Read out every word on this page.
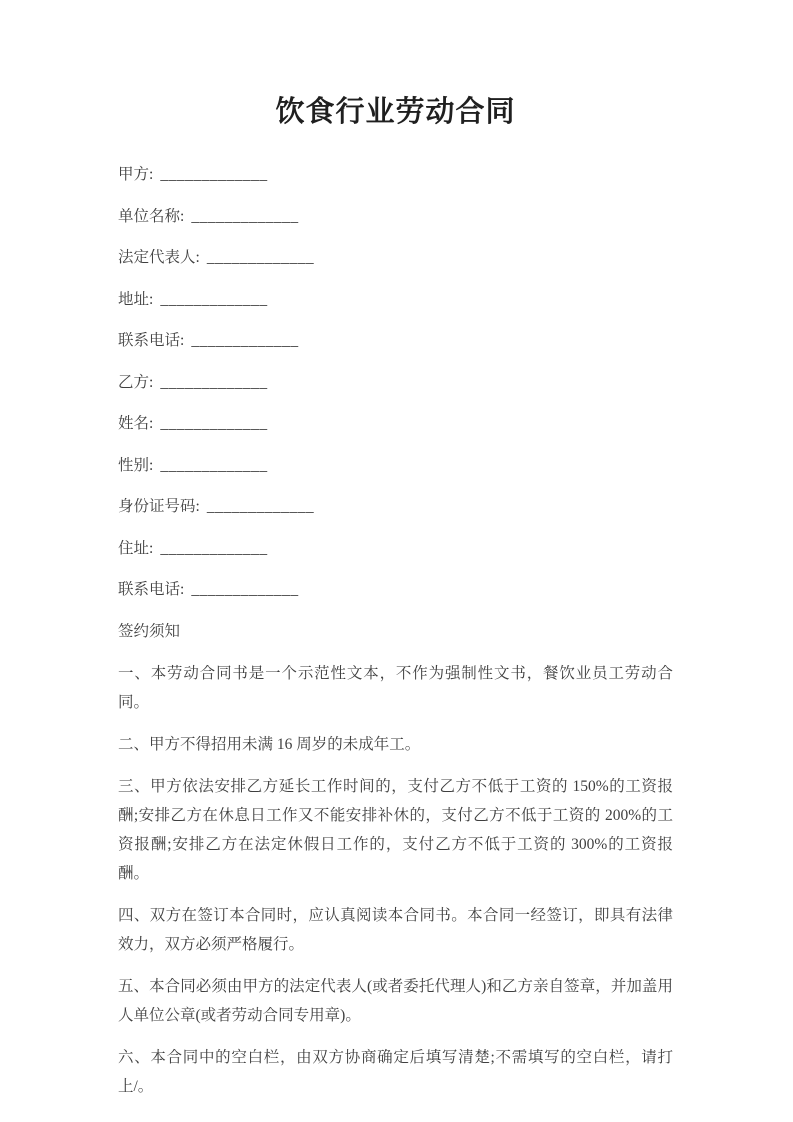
饮食行业劳动合同

甲方: _____________

单位名称: _____________

法定代表人: _____________

地址: _____________

联系电话: _____________

乙方: _____________

姓名: _____________

性别: _____________

身份证号码: _____________

住址: _____________

联系电话: _____________

签约须知

一、本劳动合同书是一个示范性文本，不作为强制性文书，餐饮业员工劳动合同。

二、甲方不得招用未满 16 周岁的未成年工。

三、甲方依法安排乙方延长工作时间的，支付乙方不低于工资的 150%的工资报酬;安排乙方在休息日工作又不能安排补休的，支付乙方不低于工资的 200%的工资报酬;安排乙方在法定休假日工作的，支付乙方不低于工资的 300%的工资报酬。

四、双方在签订本合同时，应认真阅读本合同书。本合同一经签订，即具有法律效力，双方必须严格履行。

五、本合同必须由甲方的法定代表人(或者委托代理人)和乙方亲自签章，并加盖用人单位公章(或者劳动合同专用章)。

六、本合同中的空白栏，由双方协商确定后填写清楚;不需填写的空白栏，请打上/。
